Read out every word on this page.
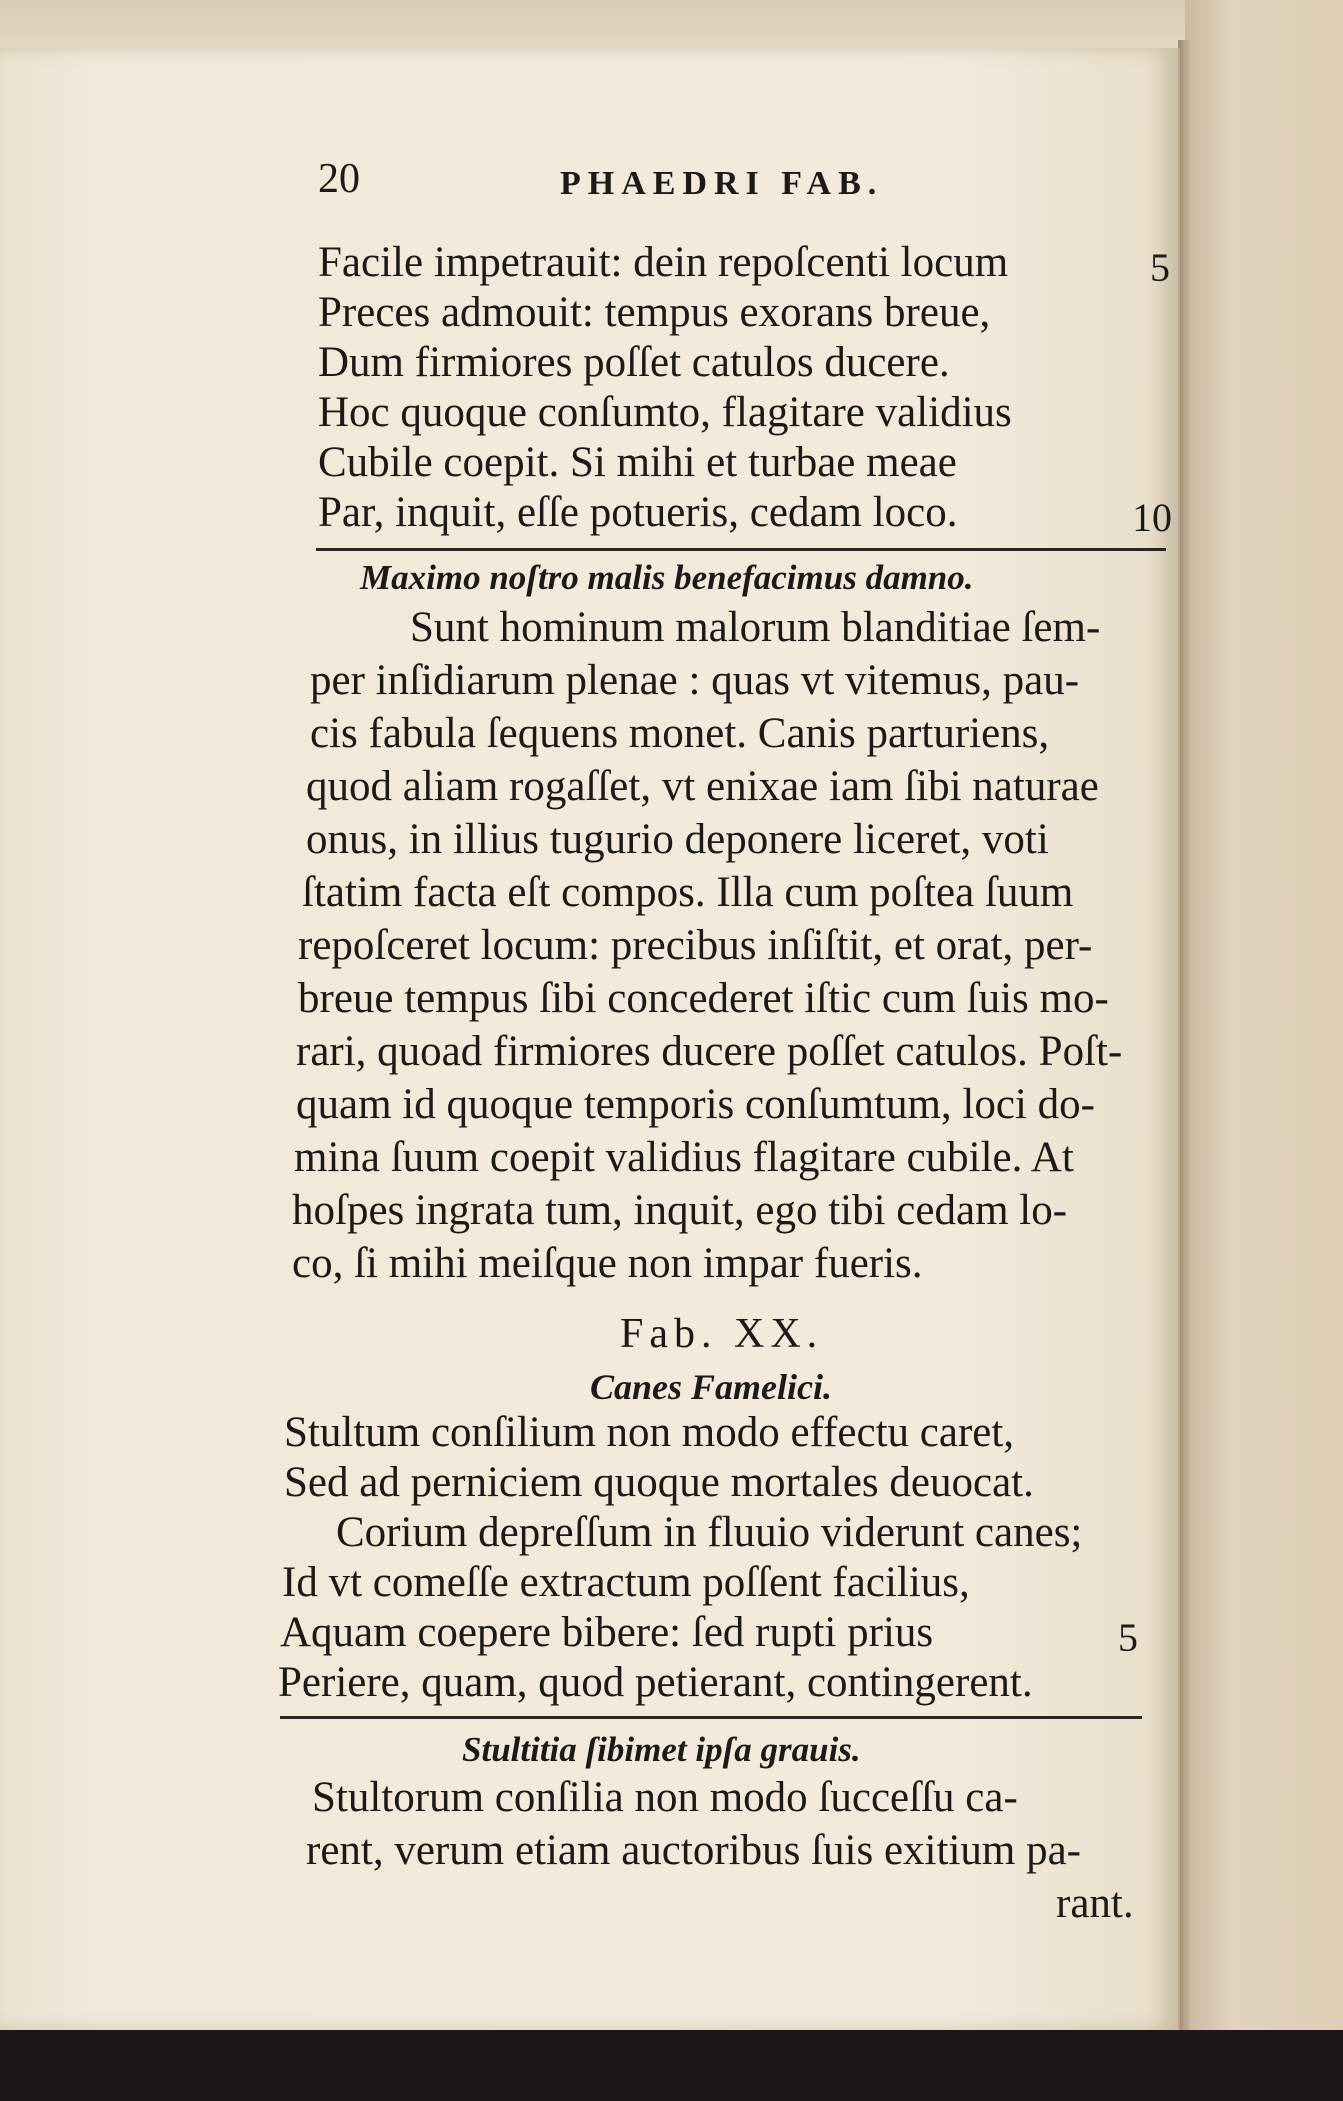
20	PHAEDRI FAB.
Facile impetrauit: dein repoſcenti locum	5
Preces admouit: tempus exorans breue,
Dum firmiores poſſet catulos ducere.
Hoc quoque conſumto, flagitare validius
Cubile coepit. Si mihi et turbae meae
Par, inquit, eſſe potueris, cedam loco.	10
Maximo noſtro malis benefacimus damno.
Sunt hominum malorum blanditiae ſem-
per inſidiarum plenae : quas vt vitemus, pau-
cis fabula ſequens monet. Canis parturiens,
quod aliam rogaſſet, vt enixae iam ſibi naturae
onus, in illius tugurio deponere liceret, voti
ſtatim facta eſt compos. Illa cum poſtea ſuum
repoſceret locum: precibus inſiſtit, et orat, per-
breue tempus ſibi concederet iſtic cum ſuis mo-
rari, quoad firmiores ducere poſſet catulos. Poſt-
quam id quoque temporis conſumtum, loci do-
mina ſuum coepit validius flagitare cubile. At
hoſpes ingrata tum, inquit, ego tibi cedam lo-
co, ſi mihi meiſque non impar fueris.
Fab. XX.
Canes Famelici.
Stultum conſilium non modo effectu caret,
Sed ad perniciem quoque mortales deuocat.
Corium depreſſum in fluuio viderunt canes;
Id vt comeſſe extractum poſſent facilius,
Aquam coepere bibere: ſed rupti prius	5
Periere, quam, quod petierant, contingerent.
Stultitia ſibimet ipſa grauis.
Stultorum conſilia non modo ſucceſſu ca-
rent, verum etiam auctoribus ſuis exitium pa-
rant.
